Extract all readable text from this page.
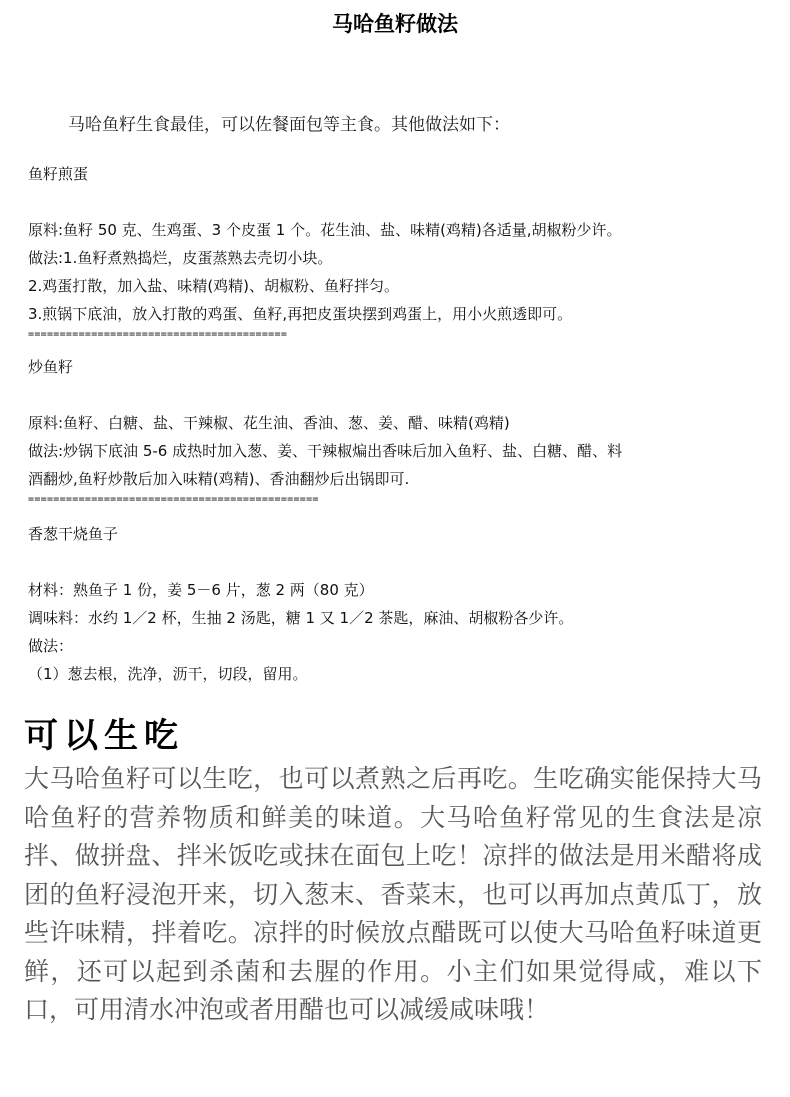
马哈鱼籽做法
马哈鱼籽生食最佳，可以佐餐面包等主食。其他做法如下：
鱼籽煎蛋
原料:鱼籽 50 克、生鸡蛋、3 个皮蛋 1 个。花生油、盐、味精(鸡精)各适量,胡椒粉少许。
做法:1.鱼籽煮熟捣烂，皮蛋蒸熟去壳切小块。
2.鸡蛋打散，加入盐、味精(鸡精)、胡椒粉、鱼籽拌匀。
3.煎锅下底油，放入打散的鸡蛋、鱼籽,再把皮蛋块摆到鸡蛋上，用小火煎透即可。
=========================================
炒鱼籽
原料:鱼籽、白糖、盐、干辣椒、花生油、香油、葱、姜、醋、味精(鸡精)
做法:炒锅下底油 5-6 成热时加入葱、姜、干辣椒煸出香味后加入鱼籽、盐、白糖、醋、料
酒翻炒,鱼籽炒散后加入味精(鸡精)、香油翻炒后出锅即可.
==============================================
香葱干烧鱼子
材料：熟鱼子 1 份，姜 5－6 片，葱 2 两（80 克）
调味料：水约 1／2 杯，生抽 2 汤匙，糖 1 又 1／2 茶匙，麻油、胡椒粉各少许。
做法：
（1）葱去根，洗净，沥干，切段，留用。
可以生吃
大马哈鱼籽可以生吃，也可以煮熟之后再吃。生吃确实能保持大马哈鱼籽的营养物质和鲜美的味道。大马哈鱼籽常见的生食法是凉拌、做拼盘、拌米饭吃或抹在面包上吃！凉拌的做法是用米醋将成团的鱼籽浸泡开来，切入葱末、香菜末，也可以再加点黄瓜丁，放些许味精，拌着吃。凉拌的时候放点醋既可以使大马哈鱼籽味道更鲜，还可以起到杀菌和去腥的作用。小主们如果觉得咸，难以下口，可用清水冲泡或者用醋也可以减缓咸味哦！
